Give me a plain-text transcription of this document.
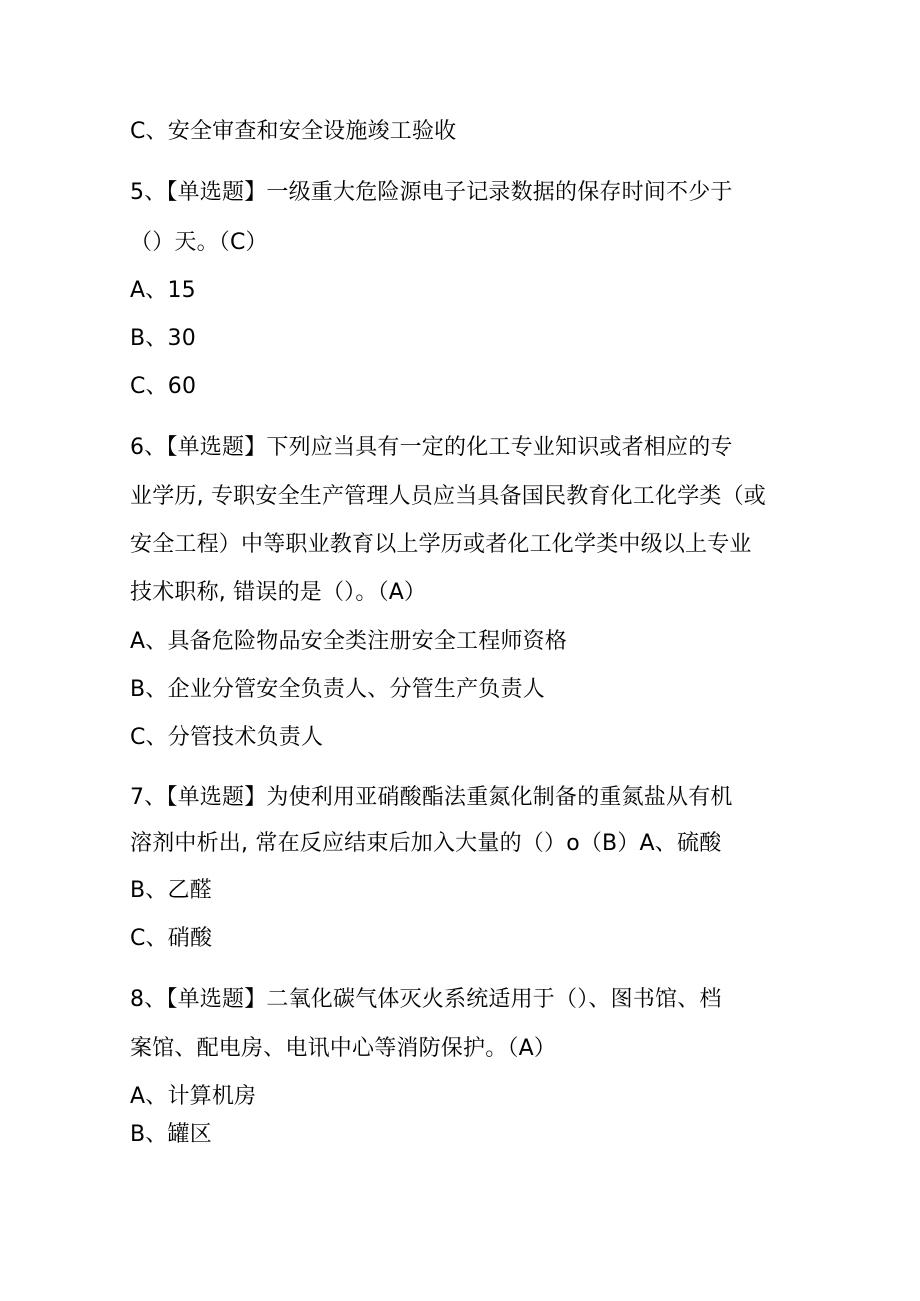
C、安全审查和安全设施竣工验收
5、【单选题】一级重大危险源电子记录数据的保存时间不少于
（）天。（C）
A、15
B、30
C、60
6、【单选题】下列应当具有一定的化工专业知识或者相应的专
业学历, 专职安全生产管理人员应当具备国民教育化工化学类（或
安全工程）中等职业教育以上学历或者化工化学类中级以上专业
技术职称, 错误的是（）。（A）
A、具备危险物品安全类注册安全工程师资格
B、企业分管安全负责人、分管生产负责人
C、分管技术负责人
7、【单选题】为使利用亚硝酸酯法重氮化制备的重氮盐从有机
溶剂中析出, 常在反应结束后加入大量的（）o（B）A、硫酸
B、乙醛
C、硝酸
8、【单选题】二氧化碳气体灭火系统适用于（）、图书馆、档
案馆、配电房、电讯中心等消防保护。（A）
A、计算机房
B、罐区
